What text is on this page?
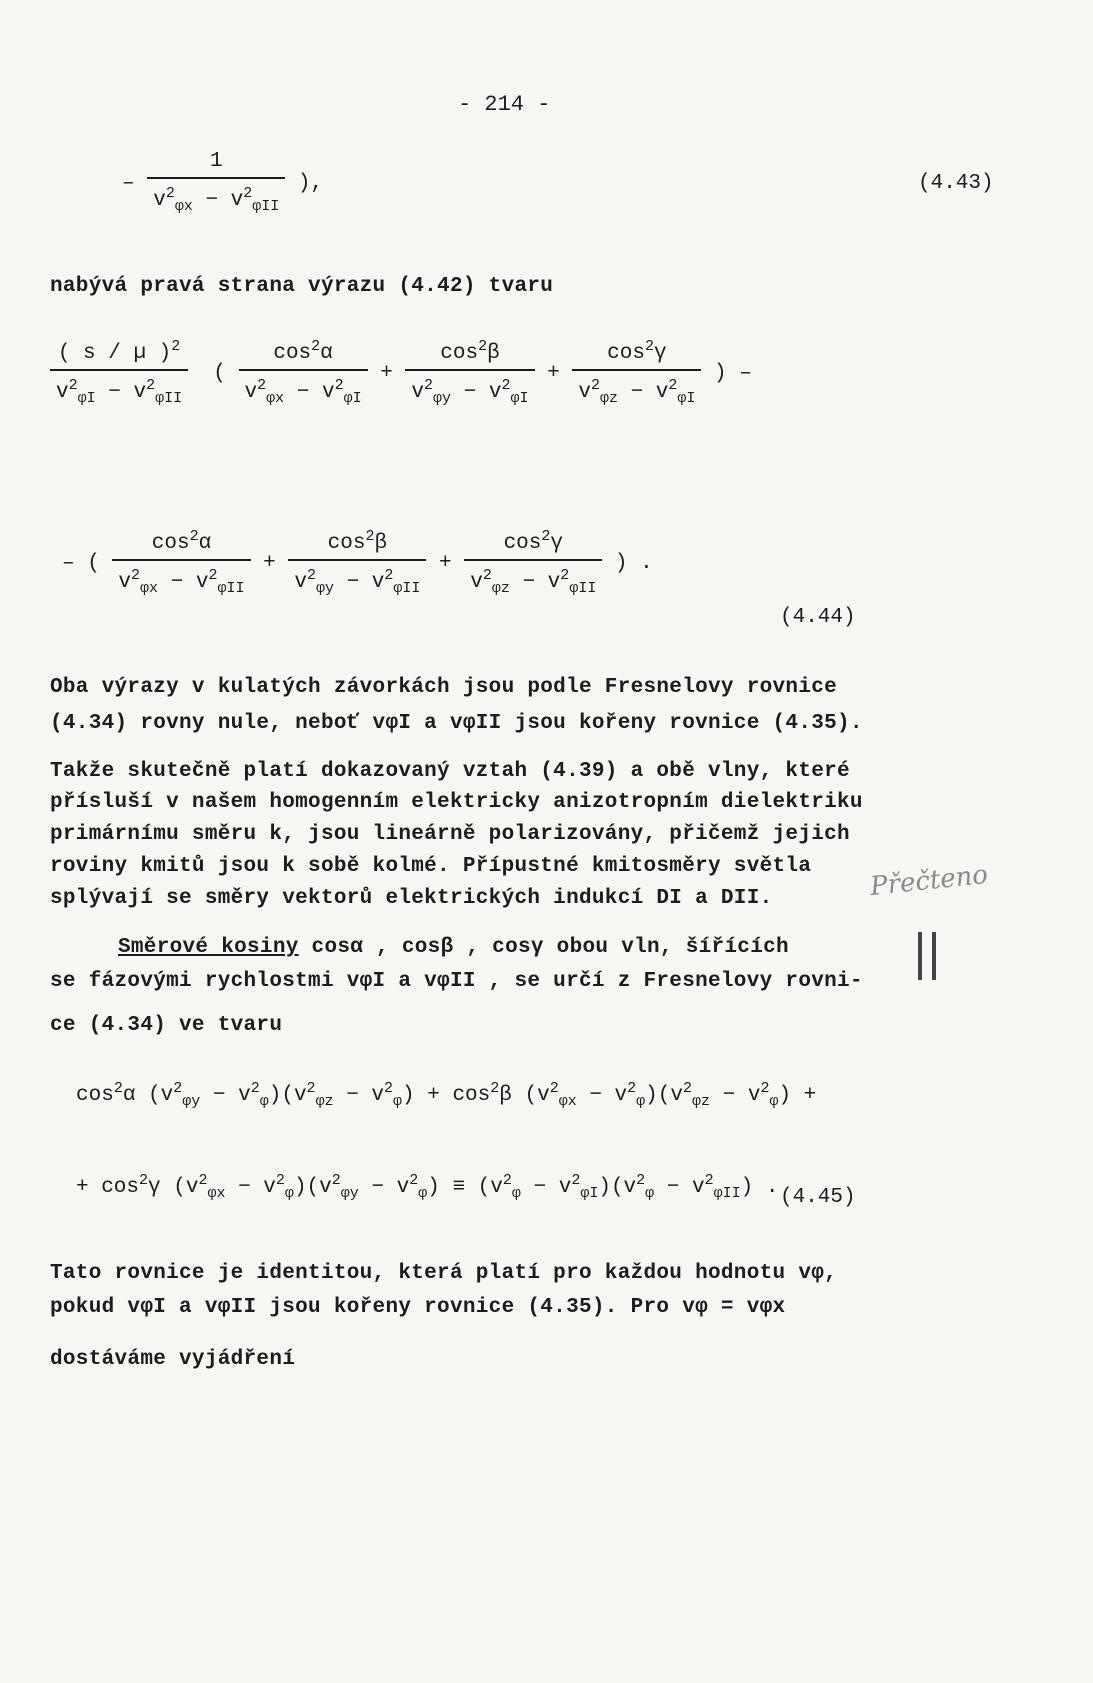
- 214 -
– $\frac{1}{v^2_{\varphi x} - v^2_{\varphi II}}$ ),	(4.43)
nabývá pravá strana výrazu (4.42) tvaru
$\frac{( s / \mu )^2}{v^2_{\varphi I} - v^2_{\varphi II}}$ ( $\frac{\cos^2\alpha}{v^2_{\varphi x} - v^2_{\varphi I}} + \frac{\cos^2\beta}{v^2_{\varphi y} - v^2_{\varphi I}} + \frac{\cos^2\gamma}{v^2_{\varphi z} - v^2_{\varphi I}}$ ) –
– ( $\frac{\cos^2\alpha}{v^2_{\varphi x} - v^2_{\varphi II}} + \frac{\cos^2\beta}{v^2_{\varphi y} - v^2_{\varphi II}} + \frac{\cos^2\gamma}{v^2_{\varphi z} - v^2_{\varphi II}}$ ) .
(4.44)
Oba výrazy v kulatých závorkách jsou podle Fresnelovy rovnice
(4.34) rovny nule, neboť vφI a vφII jsou kořeny rovnice (4.35).
Takže skutečně platí dokazovaný vztah (4.39) a obě vlny, které
přísluší v našem homogenním elektricky anizotropním dielektriku
primárnímu směru k, jsou lineárně polarizovány, přičemž jejich
roviny kmitů jsou k sobě kolmé. Přípustné kmitosměry světla
splývají se směry vektorů elektrických indukcí DI a DII.	Přečteno
Směrové kosiny cosα , cosβ , cosγ obou vln, šířících
se fázovými rychlostmi vφI a vφII , se určí z Fresnelovy rovni-
ce (4.34) ve tvaru
$\cos^2\alpha$ $(v^2_{\varphi y} - v^2_\varphi)(v^2_{\varphi z} - v^2_\varphi) + \cos^2\beta$ $(v^2_{\varphi x} - v^2_\varphi)(v^2_{\varphi z} - v^2_\varphi)$ +
+ $\cos^2\gamma$ $(v^2_{\varphi x} - v^2_\varphi)(v^2_{\varphi y} - v^2_\varphi) \equiv (v^2_\varphi - v^2_{\varphi I})(v^2_\varphi - v^2_{\varphi II})$ . (4.45)
Tato rovnice je identitou, která platí pro každou hodnotu vφ,
pokud vφI a vφII jsou kořeny rovnice (4.35). Pro vφ = vφx
dostáváme vyjádření
